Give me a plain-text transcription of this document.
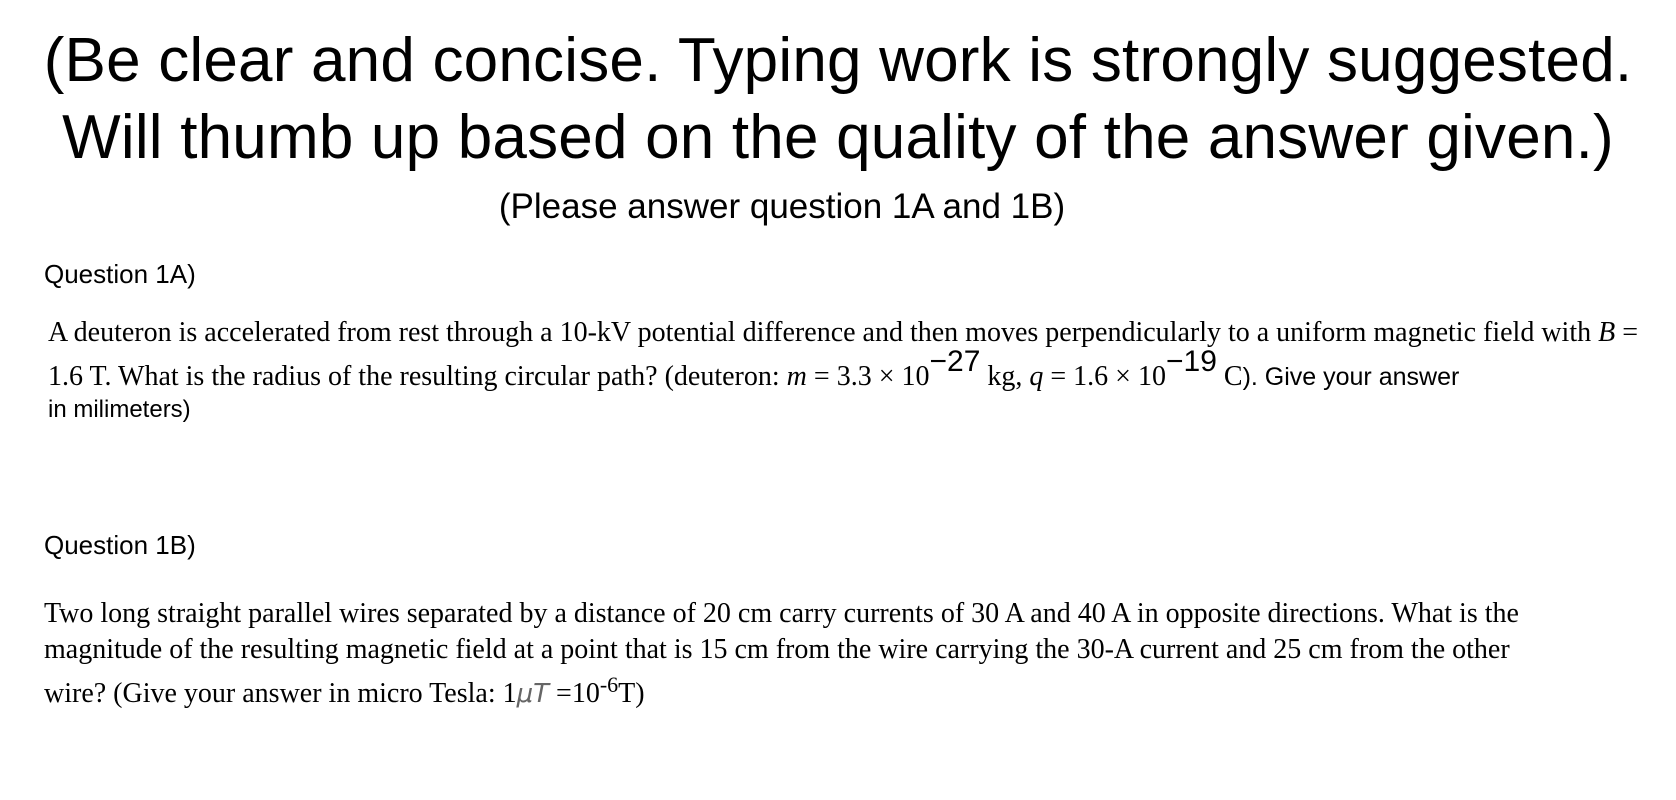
(Be clear and concise. Typing work is strongly suggested.
Will thumb up based on the quality of the answer given.)
(Please answer question 1A and 1B)
Question 1A)
A deuteron is accelerated from rest through a 10-kV potential difference and then moves perpendicularly to a uniform magnetic field with B = 1.6 T. What is the radius of the resulting circular path? (deuteron: $m = 3.3 \times 10^{-27}$ kg, $q = 1.6 \times 10^{-19}$ C). Give your answer
in milimeters)
Question 1B)
Two long straight parallel wires separated by a distance of 20 cm carry currents of 30 A and 40 A in opposite directions. What is the
magnitude of the resulting magnetic field at a point that is 15 cm from the wire carrying the 30-A current and 25 cm from the other
wire? (Give your answer in micro Tesla: $1\mu T =10^{-6}T$)
